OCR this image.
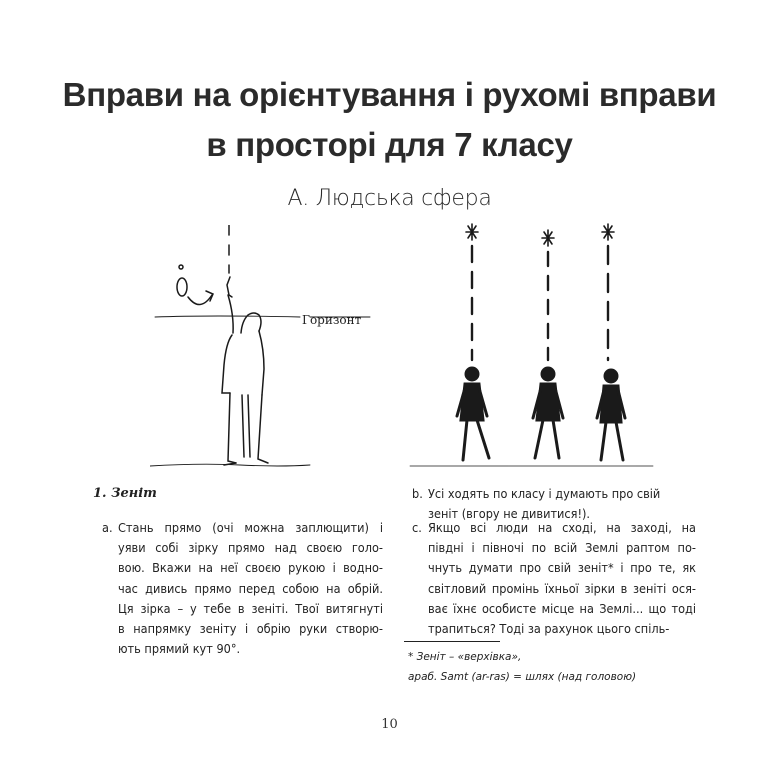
Вправи на орієнтування і рухомі вправи
в просторі для 7 класу
А. Людська сфера
Горизонт
1. Зеніт
a. Стань прямо (очі можна заплющити) і
уяви собі зірку прямо над своєю голо-
вою. Вкажи на неї своєю рукою і водно-
час дивись прямо перед собою на обрій.
Ця зірка – у тебе в зеніті. Твої витягнуті
в напрямку зеніту і обрію руки створю-
ють прямий кут 90°.
b. Усі ходять по класу і думають про свій
зеніт (вгору не дивитися!).
c. Якщо всі люди на сході, на заході, на
півдні і півночі по всій Землі раптом по-
чнуть думати про свій зеніт* і про те, як
світловий промінь їхньої зірки в зеніті ося-
ває їхнє особисте місце на Землі... що тоді
трапиться? Тоді за рахунок цього спіль-
* Зеніт – «верхівка»,
араб. Samt (ar-ras) = шлях (над головою)
10
